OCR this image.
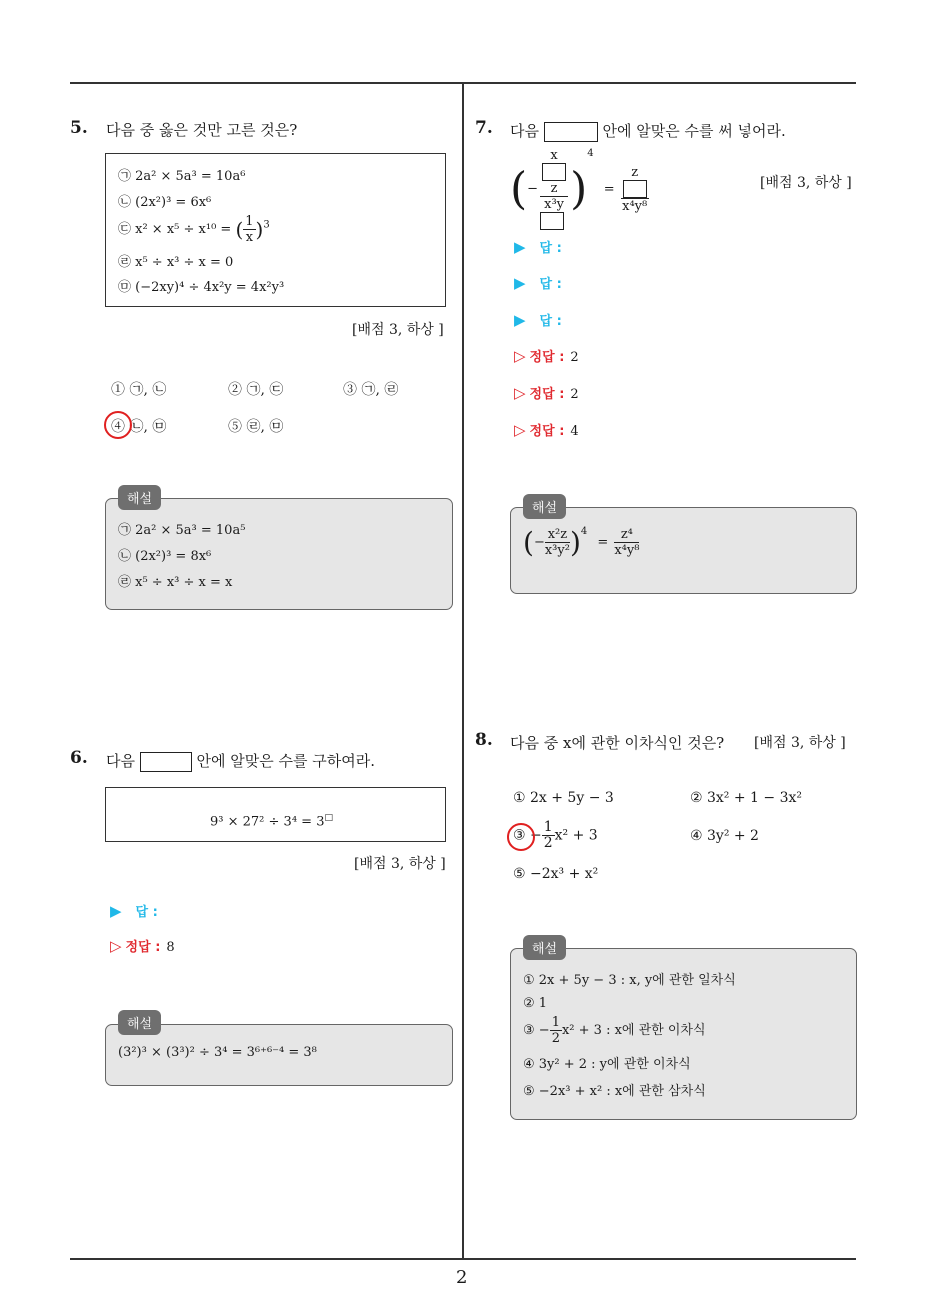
2
5. 다음 중 옳은 것만 고른 것은?
㉠ 2a² × 5a³ = 10a⁶
㉡ (2x²)³ = 6x⁶
㉢ x² × x⁵ ÷ x¹⁰ = ( $\frac{1}{x} )^3$
㉣ x⁵ ÷ x³ ÷ x = 0
㉤ (−2xy)⁴ ÷ 4x²y = 4x²y³
[배점 3, 하상 ]
① ㉠, ㉡	② ㉠, ㉢	③ ㉠, ㉣
④ ㉡, ㉤	⑤ ㉣, ㉤
㉠ 2a² × 5a³ = 10a⁵
㉡ (2x²)³ = 8x⁶
㉣ x⁵ ÷ x³ ÷ x = x
해설
6. 다음	안에 알맞은 수를 구하여라.
9³ × 27² ÷ 3⁴ = 3□
[배점 3, 하상 ]
▶ 답 :
▷ 정답 : 8
(3²)³ × (3³)² ÷ 3⁴ = 3⁶⁺⁶⁻⁴ = 3⁸
해설
7. 다음	안에 알맞은 수를 써 넣어라.
(− x
z
x³y )$^4 = \frac{z}{\text{x⁴y⁸}}$	[배점 3, 하상 ]
▶ 답 :
▶ 답 :
▶ 답 :
▷ 정답 : 2
▷ 정답 : 2
▷ 정답 : 4
(− $\frac{\text{x²z}}{\text{x³y²}} )^4 = \frac{\text{z⁴}}{\text{x⁴y⁸}}$
해설
8. 다음 중 x에 관한 이차식인 것은? [배점 3, 하상 ]
① 2x + 5y − 3	② 3x² + 1 − 3x²
③ − $\frac{1}{2} x^2 + 3$	④ 3y² + 2
⑤ −2x³ + x²
① 2x + 5y − 3 : x, y에 관한 일차식
② 1
③ − $\frac{1}{2} x^2 + 3$ : x에 관한 이차식
④ 3y² + 2 : y에 관한 이차식
⑤ −2x³ + x² : x에 관한 삼차식
해설
